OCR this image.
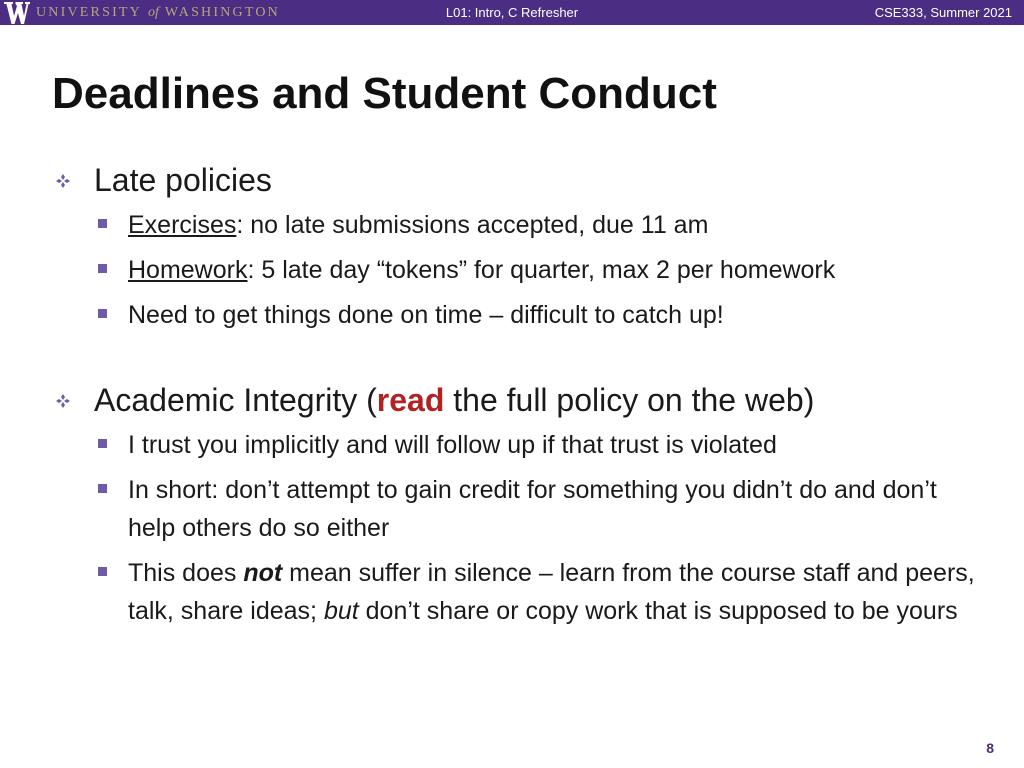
UNIVERSITY of WASHINGTON	L01: Intro, C Refresher	CSE333, Summer 2021
Deadlines and Student Conduct
Late policies
Exercises: no late submissions accepted, due 11 am
Homework: 5 late day “tokens” for quarter, max 2 per homework
Need to get things done on time – difficult to catch up!
Academic Integrity (read the full policy on the web)
I trust you implicitly and will follow up if that trust is violated
In short: don’t attempt to gain credit for something you didn’t do and don’t help others do so either
This does not mean suffer in silence – learn from the course staff and peers, talk, share ideas; but don’t share or copy work that is supposed to be yours
8
